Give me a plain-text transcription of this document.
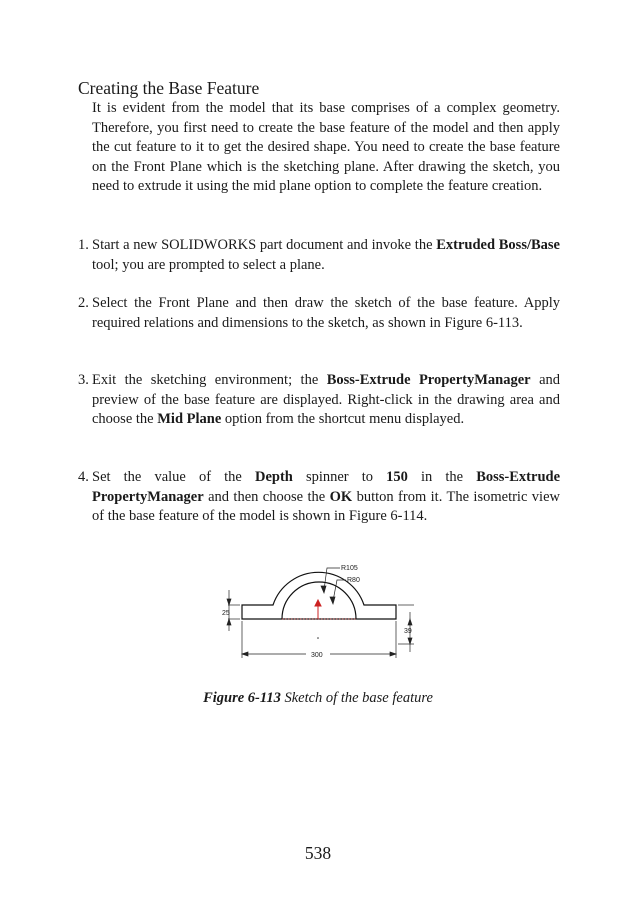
Creating the Base Feature
It is evident from the model that its base comprises of a complex geometry. Therefore, you first need to create the base feature of the model and then apply the cut feature to it to get the desired shape. You need to create the base feature on the Front Plane which is the sketching plane. After drawing the sketch, you need to extrude it using the mid plane option to complete the feature creation.
1. Start a new SOLIDWORKS part document and invoke the Extruded Boss/Base tool; you are prompted to select a plane.
2. Select the Front Plane and then draw the sketch of the base feature. Apply required relations and dimensions to the sketch, as shown in Figure 6-113.
3. Exit the sketching environment; the Boss-Extrude PropertyManager and preview of the base feature are displayed. Right-click in the drawing area and choose the Mid Plane option from the shortcut menu displayed.
4. Set the value of the Depth spinner to 150 in the Boss-Extrude PropertyManager and then choose the OK button from it. The isometric view of the base feature of the model is shown in Figure 6-114.
25
39
300
R105
R80
Figure 6-113 Sketch of the base feature
538
